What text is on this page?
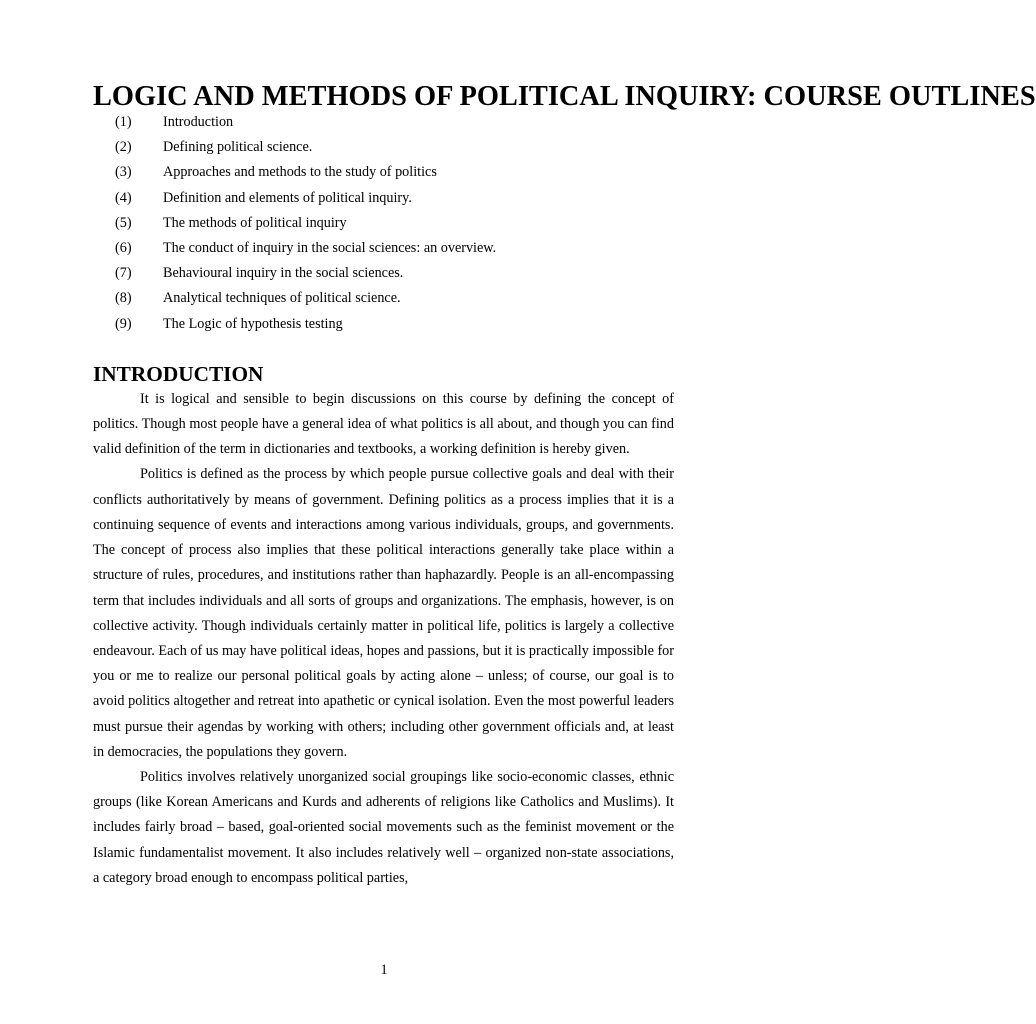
LOGIC AND METHODS OF POLITICAL INQUIRY: COURSE OUTLINES
(1)	Introduction
(2)	Defining political science.
(3)	Approaches and methods to the study of politics
(4)	Definition and elements of political inquiry.
(5)	The methods of political inquiry
(6)	The conduct of inquiry in the social sciences: an overview.
(7)	Behavioural inquiry in the social sciences.
(8)	Analytical techniques of political science.
(9)	The Logic of hypothesis testing
INTRODUCTION

It is logical and sensible to begin discussions on this course by defining the concept of politics. Though most people have a general idea of what politics is all about, and though you can find valid definition of the term in dictionaries and textbooks, a working definition is hereby given.

Politics is defined as the process by which people pursue collective goals and deal with their conflicts authoritatively by means of government. Defining politics as a process implies that it is a continuing sequence of events and interactions among various individuals, groups, and governments. The concept of process also implies that these political interactions generally take place within a structure of rules, procedures, and institutions rather than haphazardly. People is an all-encompassing term that includes individuals and all sorts of groups and organizations. The emphasis, however, is on collective activity. Though individuals certainly matter in political life, politics is largely a collective endeavour. Each of us may have political ideas, hopes and passions, but it is practically impossible for you or me to realize our personal political goals by acting alone – unless; of course, our goal is to avoid politics altogether and retreat into apathetic or cynical isolation. Even the most powerful leaders must pursue their agendas by working with others; including other government officials and, at least in democracies, the populations they govern.

Politics involves relatively unorganized social groupings like socio-economic classes, ethnic groups (like Korean Americans and Kurds and adherents of religions like Catholics and Muslims). It includes fairly broad – based, goal-oriented social movements such as the feminist movement or the Islamic fundamentalist movement. It also includes relatively well – organized non-state associations, a category broad enough to encompass political parties,

1
